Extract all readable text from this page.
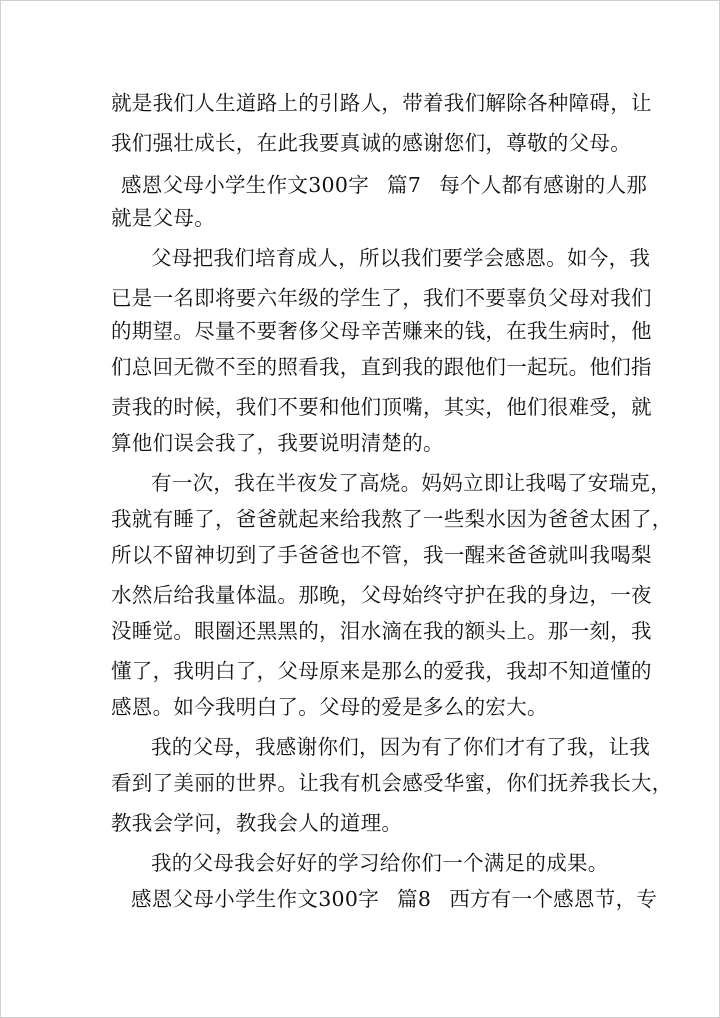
就是我们人生道路上的引路人，带着我们解除各种障碍，让
我们强壮成长，在此我要真诚的感谢您们，尊敬的父母。
感恩父母小学生作文300字 篇7 每个人都有感谢的人那
就是父母。
父母把我们培育成人，所以我们要学会感恩。如今，我
已是一名即将要六年级的学生了，我们不要辜负父母对我们
的期望。尽量不要奢侈父母辛苦赚来的钱，在我生病时，他
们总回无微不至的照看我，直到我的跟他们一起玩。他们指
责我的时候，我们不要和他们顶嘴，其实，他们很难受，就
算他们误会我了，我要说明清楚的。
有一次，我在半夜发了高烧。妈妈立即让我喝了安瑞克，
我就有睡了，爸爸就起来给我熬了一些梨水因为爸爸太困了，
所以不留神切到了手爸爸也不管，我一醒来爸爸就叫我喝梨
水然后给我量体温。那晚，父母始终守护在我的身边，一夜
没睡觉。眼圈还黑黑的，泪水滴在我的额头上。那一刻，我
懂了，我明白了，父母原来是那么的爱我，我却不知道懂的
感恩。如今我明白了。父母的爱是多么的宏大。
我的父母，我感谢你们，因为有了你们才有了我，让我
看到了美丽的世界。让我有机会感受华蜜，你们抚养我长大，
教我会学问，教我会人的道理。
我的父母我会好好的学习给你们一个满足的成果。
感恩父母小学生作文300字 篇8 西方有一个感恩节，专
